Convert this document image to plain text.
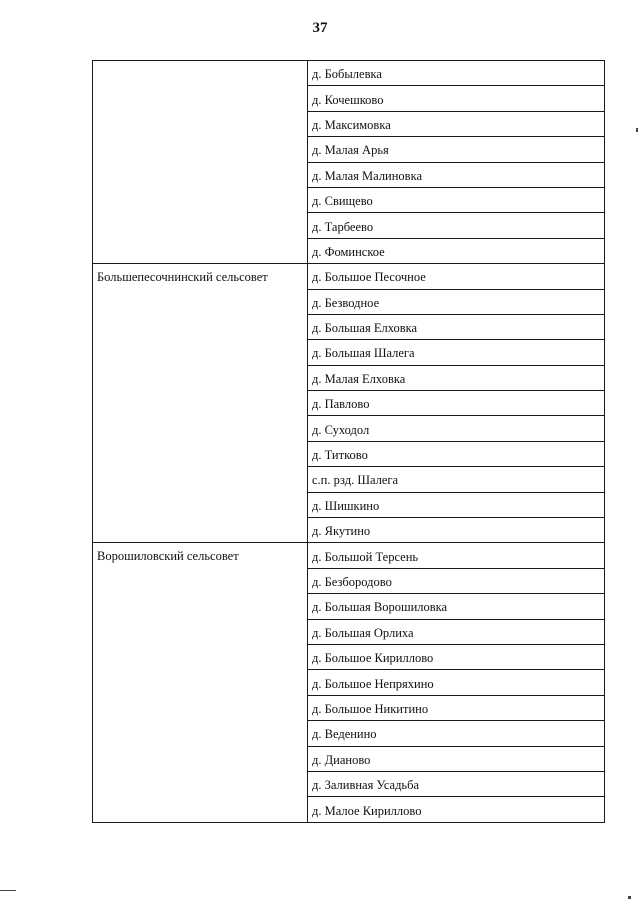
37
	д. Бобылевка
	д. Кочешково
	д. Максимовка
	д. Малая Арья
	д. Малая Малиновка
	д. Свищево
	д. Тарбеево
	д. Фоминское
Большепесочнинский сельсовет	д. Большое Песочное
	д. Безводное
	д. Большая Елховка
	д. Большая Шалега
	д. Малая Елховка
	д. Павлово
	д. Суходол
	д. Титково
	с.п. рзд. Шалега
	д. Шишкино
	д. Якутино
Ворошиловский сельсовет	д. Большой Терсень
	д. Безбородово
	д. Большая Ворошиловка
	д. Большая Орлиха
	д. Большое Кириллово
	д. Большое Непряхино
	д. Большое Никитино
	д. Веденино
	д. Дианово
	д. Заливная Усадьба
	д. Малое Кириллово
